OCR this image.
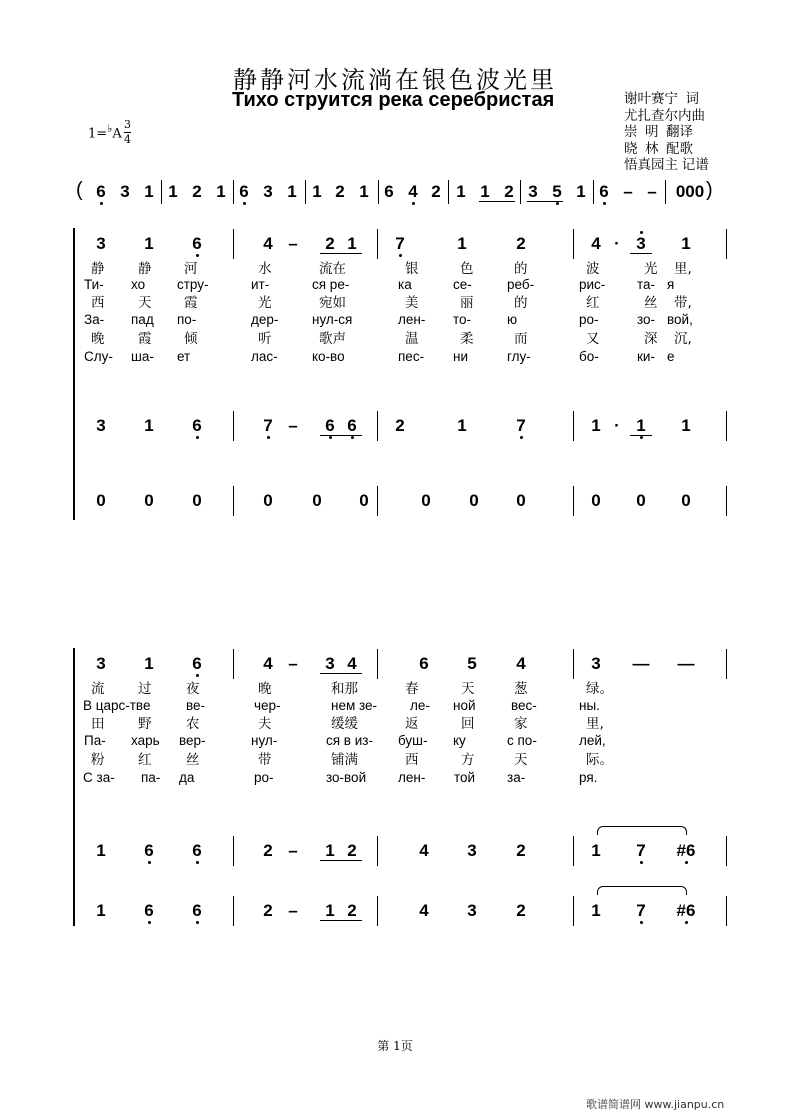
静静河水流淌在银色波光里
Тихо струится река серебристая	谢叶赛宁  词
尤扎查尔内曲
崇  明  翻译
晓  林  配歌
悟真园主 记谱
$1=^♭A \frac{3}{4}$
( 6 3 1 1 2 1 6 3 1 1 2 1 6 4 2 1 1 2 3 5 1 6 – –	000 )
3	1	6	4 –	2 1	7	1	2	4 · 3	1
静 静 河	水	流在	银	色	的	波	光 里,
Ти- хо стру-	ит-	ся ре-	ка	се-	реб-	рис- та- я
西 天 霞	光	宛如	美	丽	的	红	丝 带,
За- пад по-	дер- нул-ся	лен- то-	ю	ро-	зо- вой,
晚 霞 倾	听	歌声	温	柔	而	又	深 沉,
Слу- ша- ет	лас-	ко-во	пес- ни	глу-	бо-	ки- е
3	1	6	7 –	6 6	2	1	7	1 · 1	1
0	0	0	0	0	0	0	0	0	0	0	0
3	1	6	4 –	3 4	6	5	4	3	— —
流 过	夜	晚	和那	春	天	葱	绿。
В царс-тве	ве-	чер-	нем зе- ле- ной	вес-	ны.
田 野	农	夫	缓缓	返	回	家	里,
Па- харь вер-	нул-	ся в из- буш- ку	с по-	лей,
粉 红	丝	带	铺满	西	方	天	际。
С за- па- да	ро-	зо-вой лен- той за-	ря.
1	6	6	2 –	1 2	4	3	2	1	7	#6
1	6	6	2 –	1 2	4	3	2	1	7	#6
第 1页
歌谱简谱网 www.jianpu.cn
